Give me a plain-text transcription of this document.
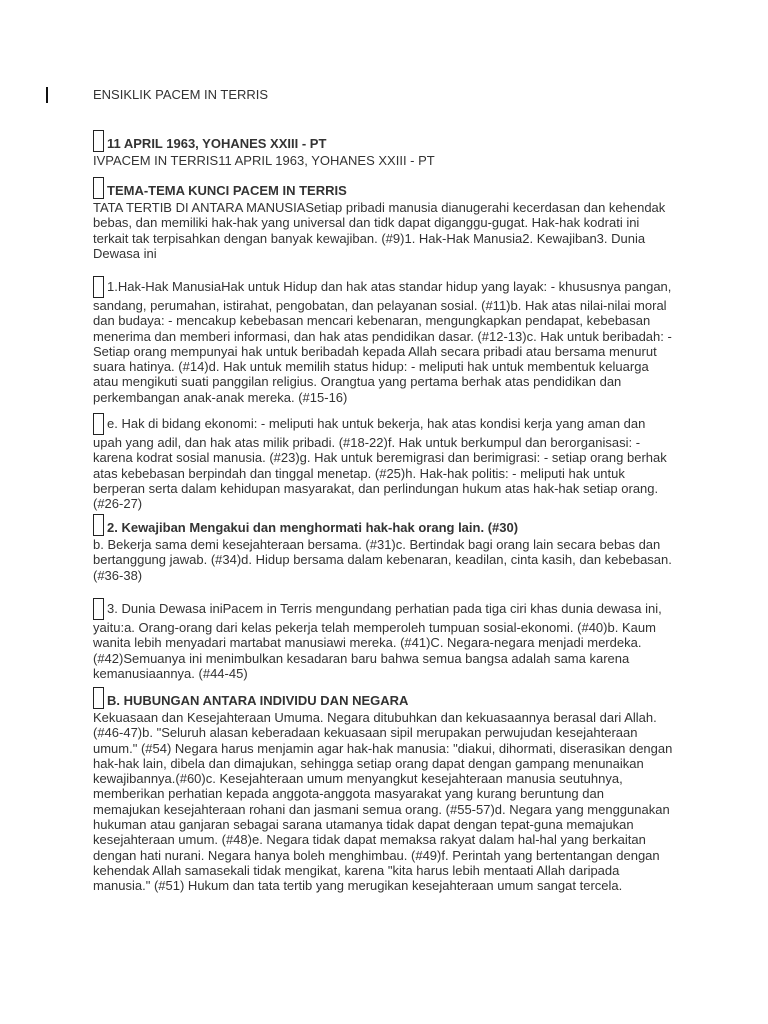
ENSIKLIK PACEM IN TERRIS
11 APRIL 1963, YOHANES XXIII - PT

IVPACEM IN TERRIS11 APRIL 1963, YOHANES XXIII - PT

TEMA-TEMA KUNCI PACEM IN TERRIS

TATA TERTIB DI ANTARA MANUSIASetiap pribadi manusia dianugerahi kecerdasan dan kehendak bebas, dan memiliki hak-hak yang universal dan tidk dapat diganggu-gugat. Hak-hak kodrati ini terkait tak terpisahkan dengan banyak kewajiban. (#9)1. Hak-Hak Manusia2. Kewajiban3. Dunia Dewasa ini

1.Hak-Hak ManusiaHak untuk Hidup dan hak atas standar hidup yang layak: - khususnya pangan, sandang, perumahan, istirahat, pengobatan, dan pelayanan sosial. (#11)b. Hak atas nilai-nilai moral dan budaya: - mencakup kebebasan mencari kebenaran, mengungkapkan pendapat, kebebasan menerima dan memberi informasi, dan hak atas pendidikan dasar. (#12-13)c. Hak untuk beribadah: - Setiap orang mempunyai hak untuk beribadah kepada Allah secara pribadi atau bersama menurut suara hatinya. (#14)d. Hak untuk memilih status hidup: - meliputi hak untuk membentuk keluarga atau mengikuti suati panggilan religius. Orangtua yang pertama berhak atas pendidikan dan perkembangan anak-anak mereka. (#15-16)

e. Hak di bidang ekonomi: - meliputi hak untuk bekerja, hak atas kondisi kerja yang aman dan upah yang adil, dan hak atas milik pribadi. (#18-22)f. Hak untuk berkumpul dan berorganisasi: - karena kodrat sosial manusia. (#23)g. Hak untuk beremigrasi dan berimigrasi: - setiap orang berhak atas kebebasan berpindah dan tinggal menetap. (#25)h. Hak-hak politis: - meliputi hak untuk berperan serta dalam kehidupan masyarakat, dan perlindungan hukum atas hak-hak setiap orang. (#26-27)

2. Kewajiban Mengakui dan menghormati hak-hak orang lain. (#30)

b. Bekerja sama demi kesejahteraan bersama. (#31)c. Bertindak bagi orang lain secara bebas dan bertanggung jawab. (#34)d. Hidup bersama dalam kebenaran, keadilan, cinta kasih, dan kebebasan. (#36-38)

3. Dunia Dewasa iniPacem in Terris mengundang perhatian pada tiga ciri khas dunia dewasa ini, yaitu:a. Orang-orang dari kelas pekerja telah memperoleh tumpuan sosial-ekonomi. (#40)b. Kaum wanita lebih menyadari martabat manusiawi mereka. (#41)C. Negara-negara menjadi merdeka. (#42)Semuanya ini menimbulkan kesadaran baru bahwa semua bangsa adalah sama karena kemanusiaannya. (#44-45)

B. HUBUNGAN ANTARA INDIVIDU DAN NEGARA

Kekuasaan dan Kesejahteraan Umuma. Negara ditubuhkan dan kekuasaannya berasal dari Allah. (#46-47)b. "Seluruh alasan keberadaan kekuasaan sipil merupakan perwujudan kesejahteraan umum." (#54) Negara harus menjamin agar hak-hak manusia: "diakui, dihormati, diserasikan dengan hak-hak lain, dibela dan dimajukan, sehingga setiap orang dapat dengan gampang menunaikan kewajibannya.(#60)c. Kesejahteraan umum menyangkut kesejahteraan manusia seutuhnya, memberikan perhatian kepada anggota-anggota masyarakat yang kurang beruntung dan memajukan kesejahteraan rohani dan jasmani semua orang. (#55-57)d. Negara yang menggunakan hukuman atau ganjaran sebagai sarana utamanya tidak dapat dengan tepat-guna memajukan kesejahteraan umum. (#48)e. Negara tidak dapat memaksa rakyat dalam hal-hal yang berkaitan dengan hati nurani. Negara hanya boleh menghimbau. (#49)f. Perintah yang bertentangan dengan kehendak Allah samasekali tidak mengikat, karena "kita harus lebih mentaati Allah daripada manusia." (#51) Hukum dan tata tertib yang merugikan kesejahteraan umum sangat tercela.
